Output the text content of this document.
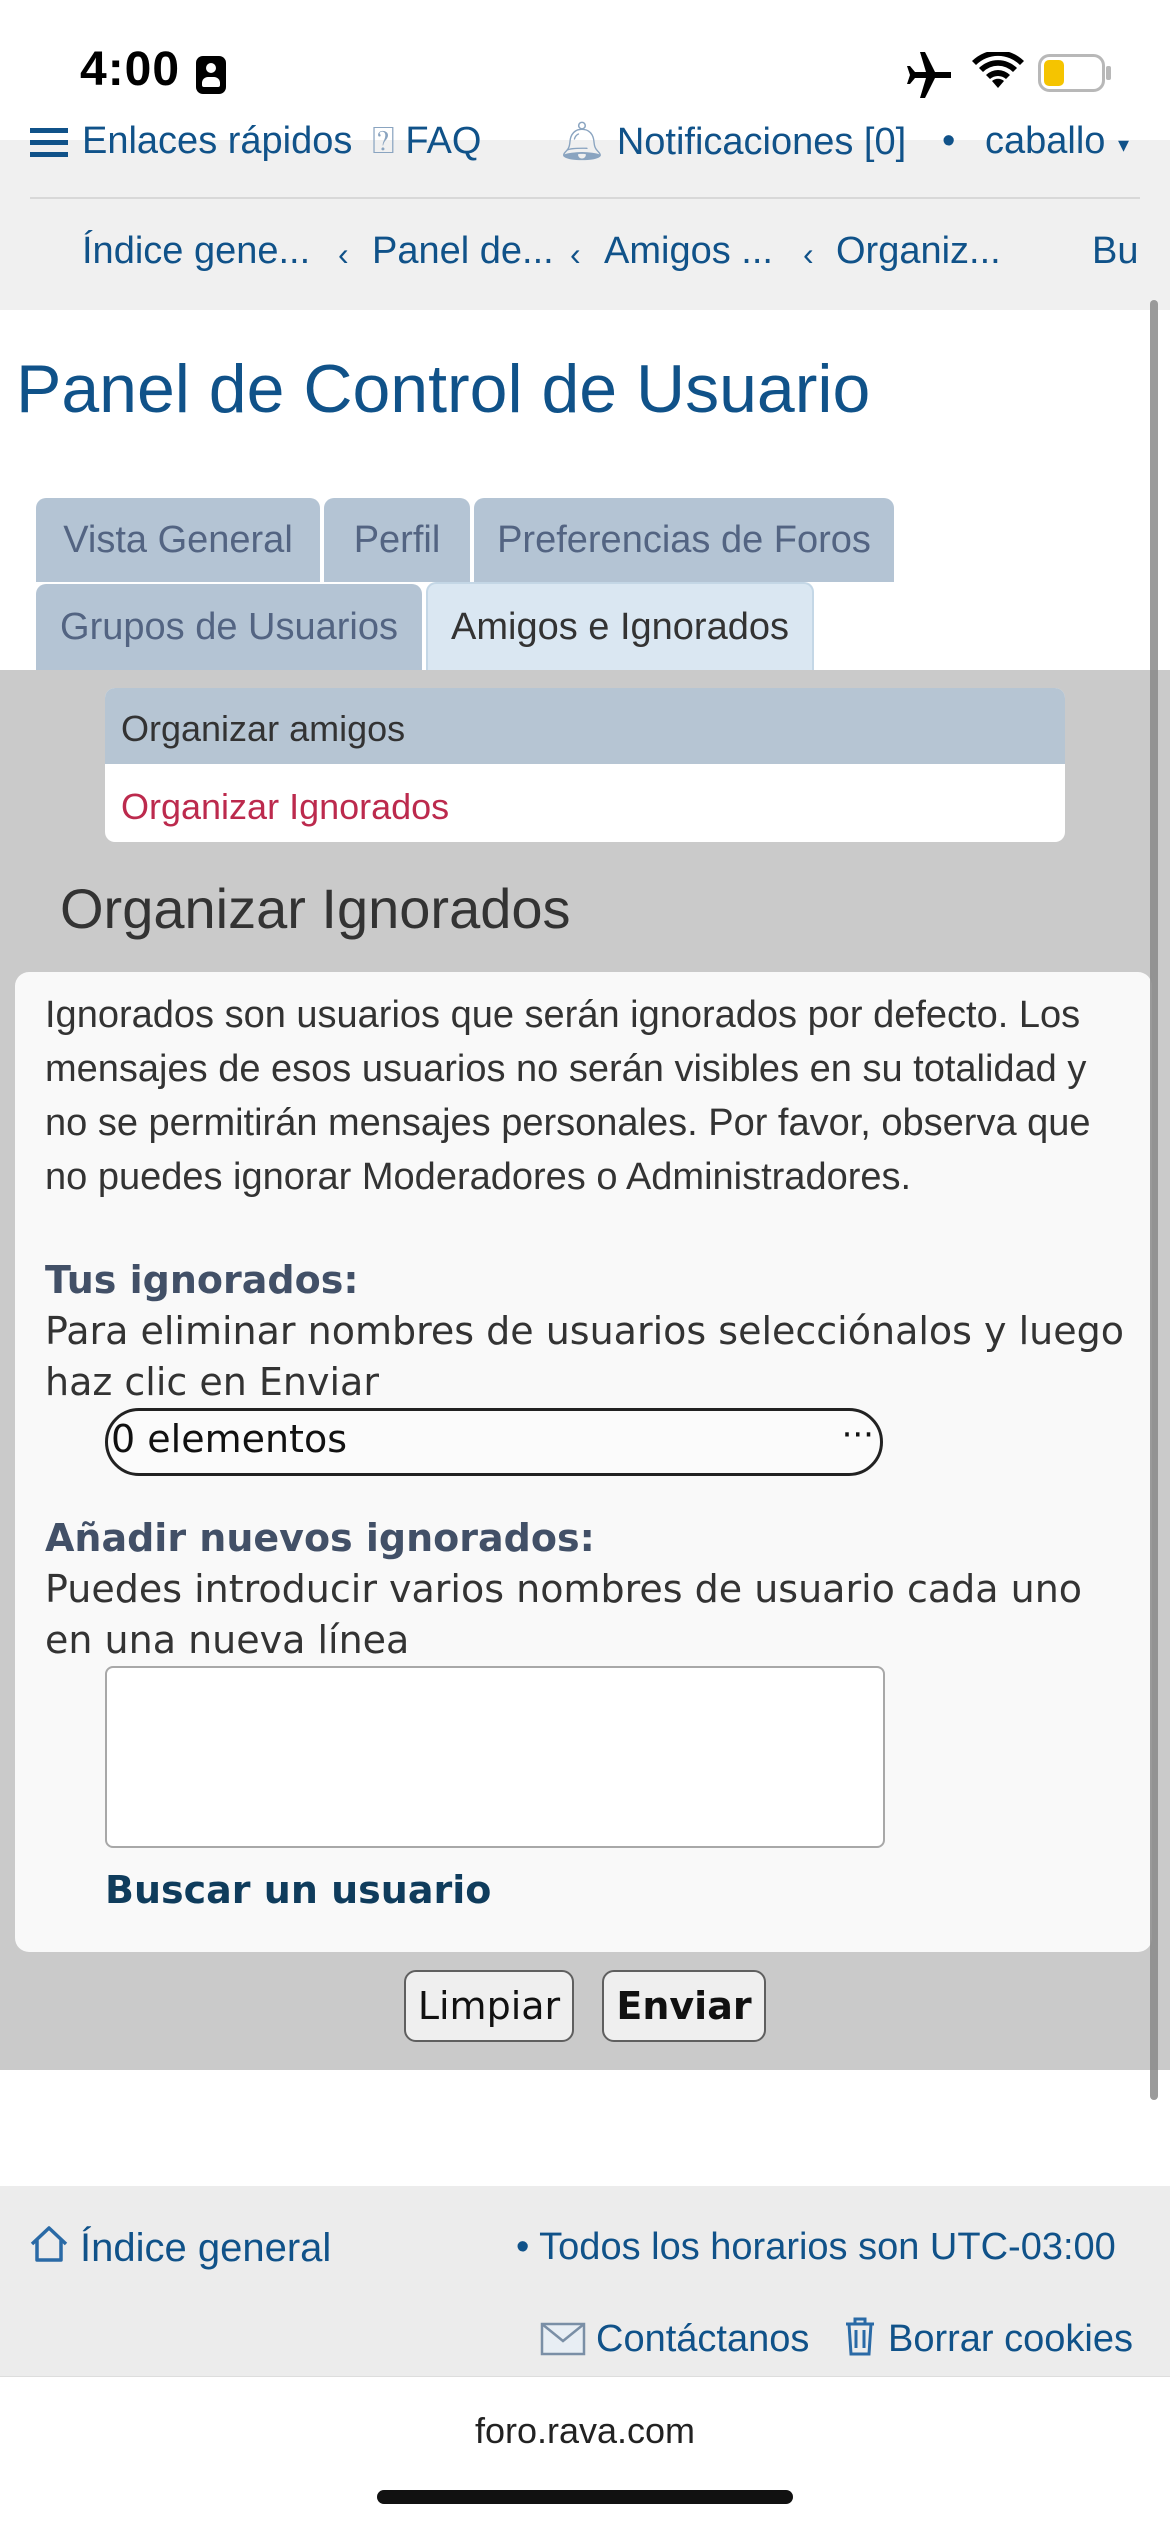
4:00
Enlaces rápidos ⍰ FAQ 🔔︎ Notificaciones [0] • caballo ▾
Índice gene... ‹ Panel de... ‹ Amigos ... ‹ Organiz... Bu
Panel de Control de Usuario
Vista General	Perfil	Preferencias de Foros
Grupos de Usuarios	Amigos e Ignorados
Organizar amigos
Organizar Ignorados
Organizar Ignorados
Ignorados son usuarios que serán ignorados por defecto. Los mensajes de esos usuarios no serán visibles en su totalidad y no se permitirán mensajes personales. Por favor, observa que no puedes ignorar Moderadores o Administradores.
Tus ignorados:
Para eliminar nombres de usuarios selecciónalos y luego haz clic en Enviar
0 elementos	···
Añadir nuevos ignorados:
Puedes introducir varios nombres de usuario cada uno en una nueva línea
Buscar un usuario
Limpiar	Enviar
Índice general	• Todos los horarios son UTC-03:00
Contáctanos Borrar cookies
foro.rava.com
